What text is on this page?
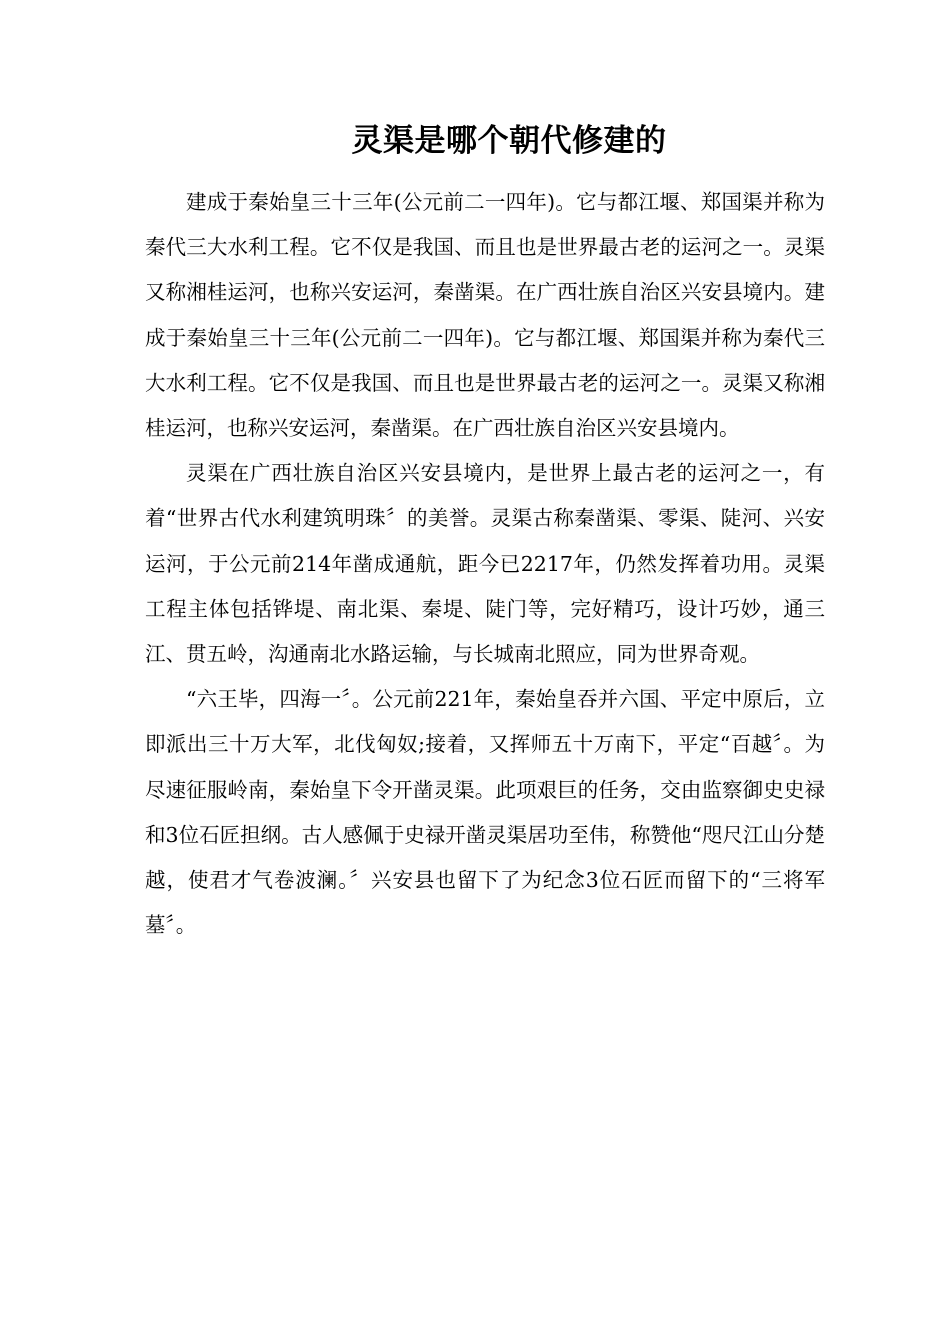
灵渠是哪个朝代修建的

建成于秦始皇三十三年(公元前二一四年)。它与都江堰、郑国渠并称为秦代三大水利工程。它不仅是我国、而且也是世界最古老的运河之一。灵渠又称湘桂运河，也称兴安运河，秦凿渠。在广西壮族自治区兴安县境内。建成于秦始皇三十三年(公元前二一四年)。它与都江堰、郑国渠并称为秦代三大水利工程。它不仅是我国、而且也是世界最古老的运河之一。灵渠又称湘桂运河，也称兴安运河，秦凿渠。在广西壮族自治区兴安县境内。

灵渠在广西壮族自治区兴安县境内，是世界上最古老的运河之一，有着“世界古代水利建筑明珠〞的美誉。灵渠古称秦凿渠、零渠、陡河、兴安运河，于公元前214年凿成通航，距今已2217年，仍然发挥着功用。灵渠工程主体包括铧堤、南北渠、秦堤、陡门等，完好精巧，设计巧妙，通三江、贯五岭，沟通南北水路运输，与长城南北照应，同为世界奇观。

“六王毕，四海一〞。公元前221年，秦始皇吞并六国、平定中原后，立即派出三十万大军，北伐匈奴;接着，又挥师五十万南下，平定“百越〞。为尽速征服岭南，秦始皇下令开凿灵渠。此项艰巨的任务，交由监察御史史禄和3位石匠担纲。古人感佩于史禄开凿灵渠居功至伟，称赞他“咫尺江山分楚越，使君才气卷波澜。〞兴安县也留下了为纪念3位石匠而留下的“三将军墓〞。
